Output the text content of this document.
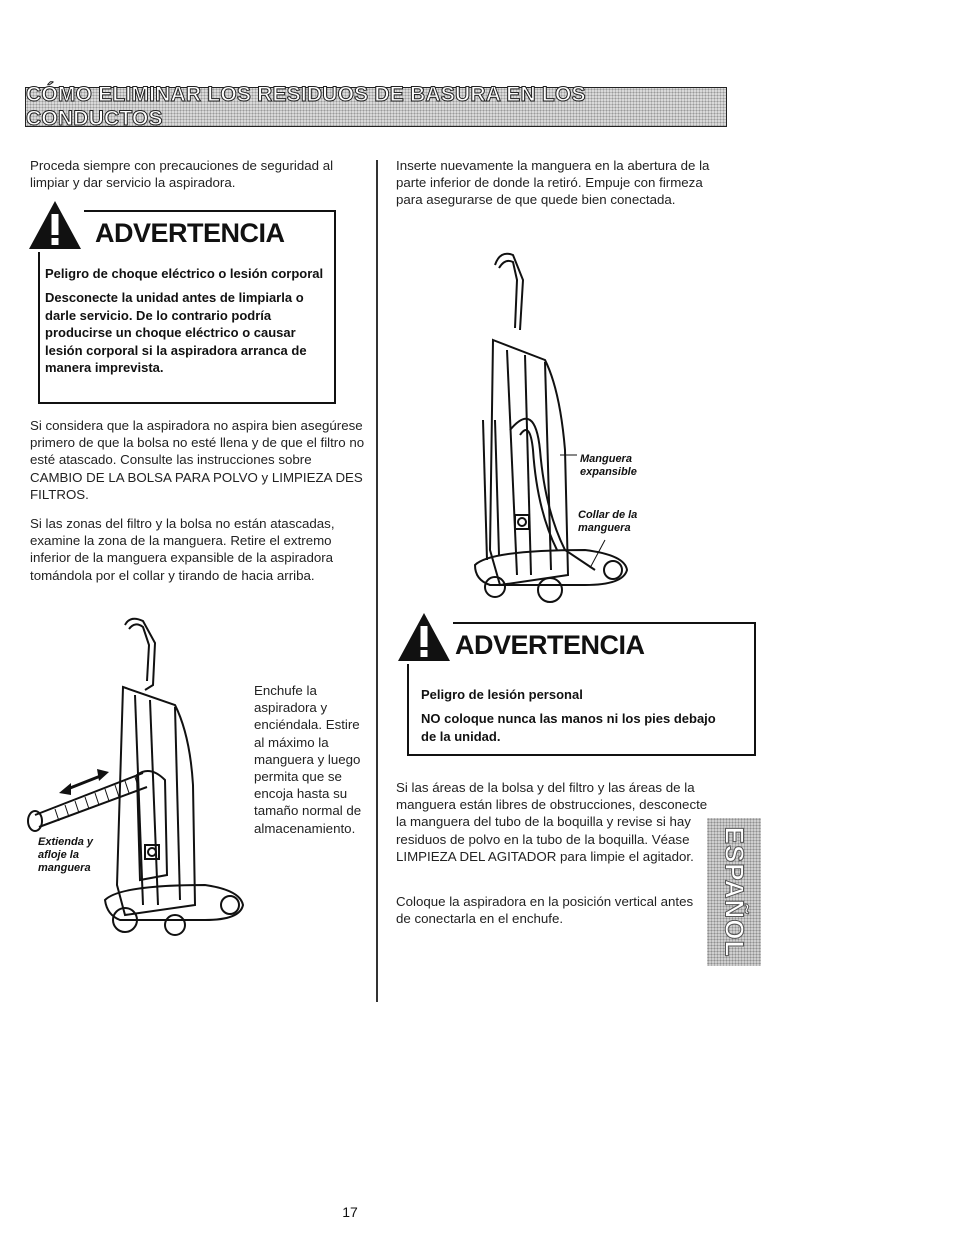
CÓMO ELIMINAR LOS RESIDUOS DE BASURA EN LOS CONDUCTOS

Proceda siempre con precauciones de seguridad al limpiar y dar servicio la aspiradora.

ADVERTENCIA

Peligro de choque eléctrico o lesión corporal

Desconecte la unidad antes de limpiarla o darle servicio. De lo contrario podría producirse un choque eléctrico o causar lesión corporal si la aspiradora arranca de manera imprevista.

Si considera que la aspiradora no aspira bien asegúrese primero de que la bolsa no esté llena y de que el filtro no esté atascado. Consulte las instrucciones sobre CAMBIO DE LA BOLSA PARA POLVO y LIMPIEZA DES FILTROS.

Si las zonas del filtro y la bolsa no están atascadas, examine la zona de la manguera. Retire el extremo inferior de la manguera expansible de la aspiradora tomándola por el collar y tirando de hacia arriba.

Extienda y afloje la manguera

Enchufe la aspiradora y enciéndala. Estire al máximo la manguera y luego permita que se encoja hasta su tamaño normal de almacenamiento.

Inserte nuevamente la manguera en la abertura de la parte inferior de donde la retiró. Empuje con firmeza para asegurarse de que quede bien conectada.

Manguera expansible
Collar de la manguera
ADVERTENCIA

Peligro de lesión personal

NO coloque nunca las manos ni los pies debajo de la unidad.

Si las áreas de la bolsa y del filtro y las áreas de la manguera están libres de obstrucciones, desconecte la manguera del tubo de la boquilla y revise si hay residuos de polvo en la tubo de la boquilla. Véase LIMPIEZA DEL AGITADOR para limpie el agitador.

Coloque la aspiradora en la posición vertical antes de conectarla en el enchufe.	ESPAÑOL
17
